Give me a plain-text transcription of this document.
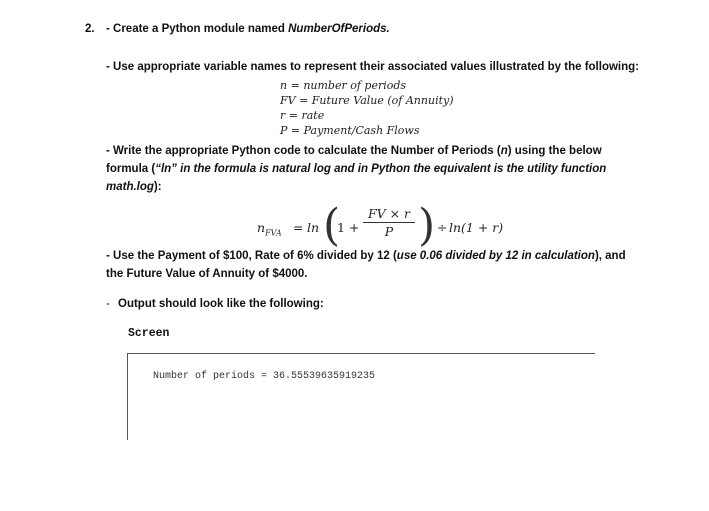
2. - Create a Python module named NumberOfPeriods.
- Use appropriate variable names to represent their associated values illustrated by the following:
n = number of periods
FV = Future Value (of Annuity)
r = rate
P = Payment/Cash Flows
- Write the appropriate Python code to calculate the Number of Periods (n) using the below
formula (“ln” in the formula is natural log and in Python the equivalent is the utility function
math.log):
$n_{FVA} = \ln$ (
1 +
FV × r
P ) ÷ ln(1 + r)
- Use the Payment of $100, Rate of 6% divided by 12 (use 0.06 divided by 12 in calculation), and
the Future Value of Annuity of $4000.
- Output should look like the following:
Screen
Number of periods = 36.55539635919235
